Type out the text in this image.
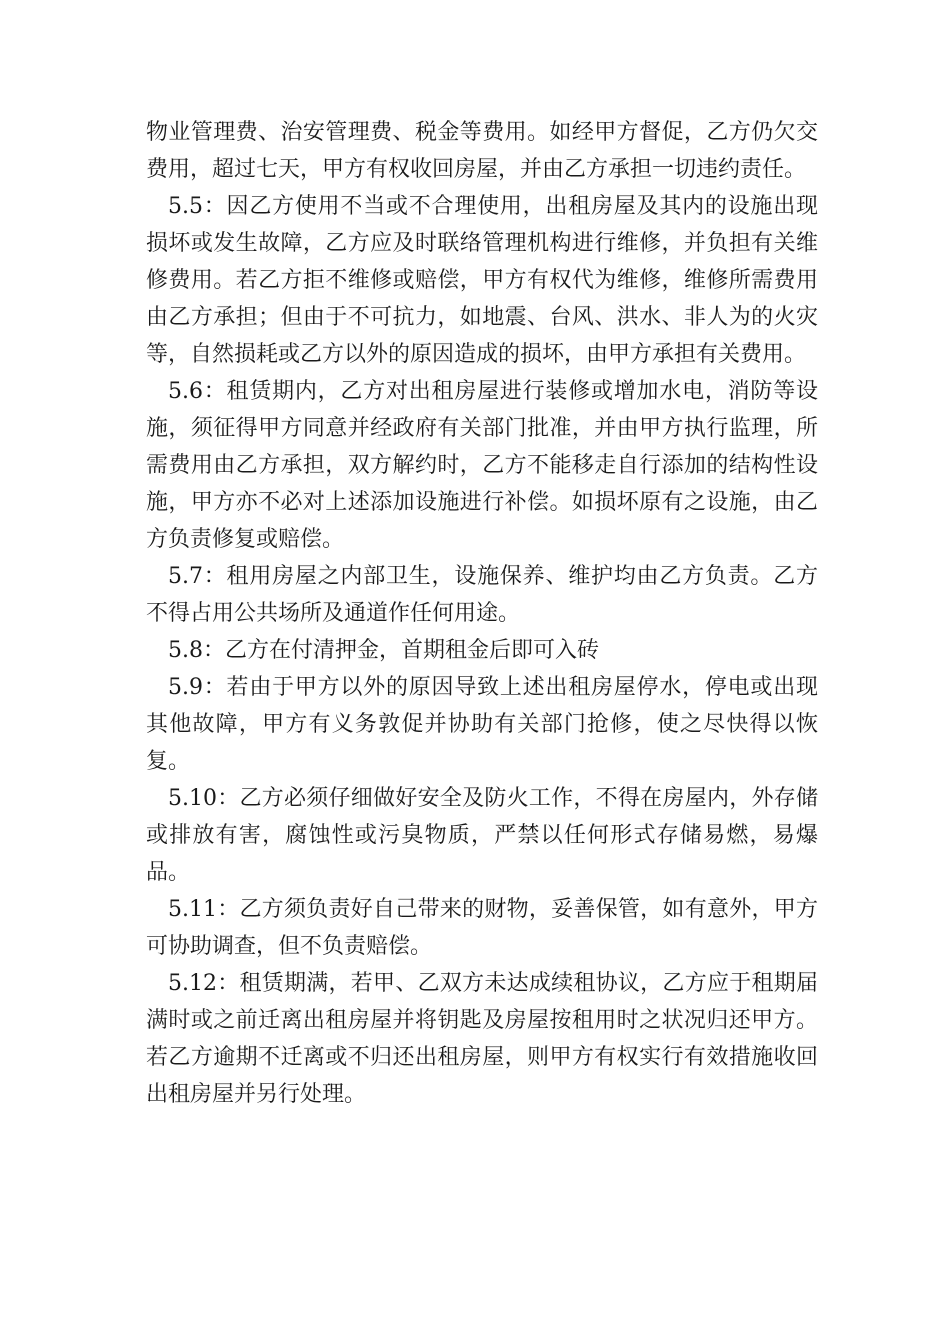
物业管理费、治安管理费、税金等费用。如经甲方督促，乙方仍欠交费用，超过七天，甲方有权收回房屋，并由乙方承担一切违约责任。

5.5：因乙方使用不当或不合理使用，出租房屋及其内的设施出现损坏或发生故障，乙方应及时联络管理机构进行维修，并负担有关维修费用。若乙方拒不维修或赔偿，甲方有权代为维修，维修所需费用由乙方承担；但由于不可抗力，如地震、台风、洪水、非人为的火灾等，自然损耗或乙方以外的原因造成的损坏，由甲方承担有关费用。

5.6：租赁期内，乙方对出租房屋进行装修或增加水电，消防等设施，须征得甲方同意并经政府有关部门批准，并由甲方执行监理，所需费用由乙方承担，双方解约时，乙方不能移走自行添加的结构性设施，甲方亦不必对上述添加设施进行补偿。如损坏原有之设施，由乙方负责修复或赔偿。

5.7：租用房屋之内部卫生，设施保养、维护均由乙方负责。乙方不得占用公共场所及通道作任何用途。

5.8：乙方在付清押金，首期租金后即可入砖

5.9：若由于甲方以外的原因导致上述出租房屋停水，停电或出现其他故障，甲方有义务敦促并协助有关部门抢修，使之尽快得以恢复。

5.10：乙方必须仔细做好安全及防火工作，不得在房屋内，外存储或排放有害，腐蚀性或污臭物质，严禁以任何形式存储易燃，易爆品。

5.11：乙方须负责好自己带来的财物，妥善保管，如有意外，甲方可协助调查，但不负责赔偿。

5.12：租赁期满，若甲、乙双方未达成续租协议，乙方应于租期届满时或之前迁离出租房屋并将钥匙及房屋按租用时之状况归还甲方。若乙方逾期不迁离或不归还出租房屋，则甲方有权实行有效措施收回出租房屋并另行处理。
